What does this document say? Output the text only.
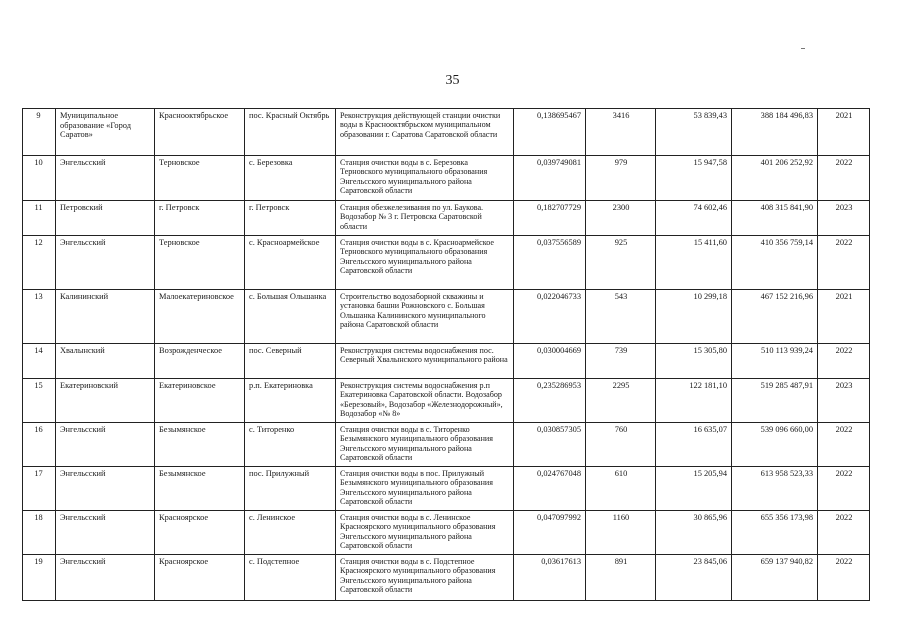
35
9	Муниципальное образование «Город Саратов»	Краснооктябрьское	пос. Красный Октябрь	Реконструкция действующей станции очистки воды в Краснооктябрьском муниципальном образовании г. Саратова Саратовской области	0,138695467	3416	53 839,43	388 184 496,83	2021
10	Энгельсский	Терновское	с. Березовка	Станция очистки воды в с. Березовка Терновского муниципального образования Энгельсского муниципального района Саратовской области	0,039749081	979	15 947,58	401 206 252,92	2022
11	Петровский	г. Петровск	г. Петровск	Станция обезжелезивания по ул. Баукова. Водозабор № 3 г. Петровска Саратовской области	0,182707729	2300	74 602,46	408 315 841,90	2023
12	Энгельсский	Терновское	с. Красноармейское	Станция очистки воды в с. Красноармейское Терновского муниципального образования Энгельсского муниципального района Саратовской области	0,037556589	925	15 411,60	410 356 759,14	2022
13	Калининский	Малоекатериновское	с. Большая Ольшанка	Строительство водозаборной скважины и установка башни Рожновского с. Большая Ольшанка Калининского муниципального района Саратовской области	0,022046733	543	10 299,18	467 152 216,96	2021
14	Хвалынский	Возрожденческое	пос. Северный	Реконструкция системы водоснабжения пос. Северный Хвалынского муниципального района	0,030004669	739	15 305,80	510 113 939,24	2022
15	Екатериновский	Екатериновское	р.п. Екатериновка	Реконструкция системы водоснабжения р.п Екатериновка Саратовской области. Водозабор «Березовый», Водозабор «Железнодорожный», Водозабор «№ 8»	0,235286953	2295	122 181,10	519 285 487,91	2023
16	Энгельсский	Безымянское	с. Титоренко	Станция очистки воды в с. Титоренко Безымянского муниципального образования Энгельсского муниципального района Саратовской области	0,030857305	760	16 635,07	539 096 660,00	2022
17	Энгельсский	Безымянское	пос. Прилужный	Станция очистки воды в пос. Прилужный Безымянского муниципального образования Энгельсского муниципального района Саратовской области	0,024767048	610	15 205,94	613 958 523,33	2022
18	Энгельсский	Красноярское	с. Ленинское	Станция очистки воды в с. Ленинское Красноярского муниципального образования Энгельсского муниципального района Саратовской области	0,047097992	1160	30 865,96	655 356 173,98	2022
19	Энгельсский	Красноярское	с. Подстепное	Станция очистки воды в с. Подстепное Красноярского муниципального образования Энгельсского муниципального района Саратовской области	0,03617613	891	23 845,06	659 137 940,82	2022
